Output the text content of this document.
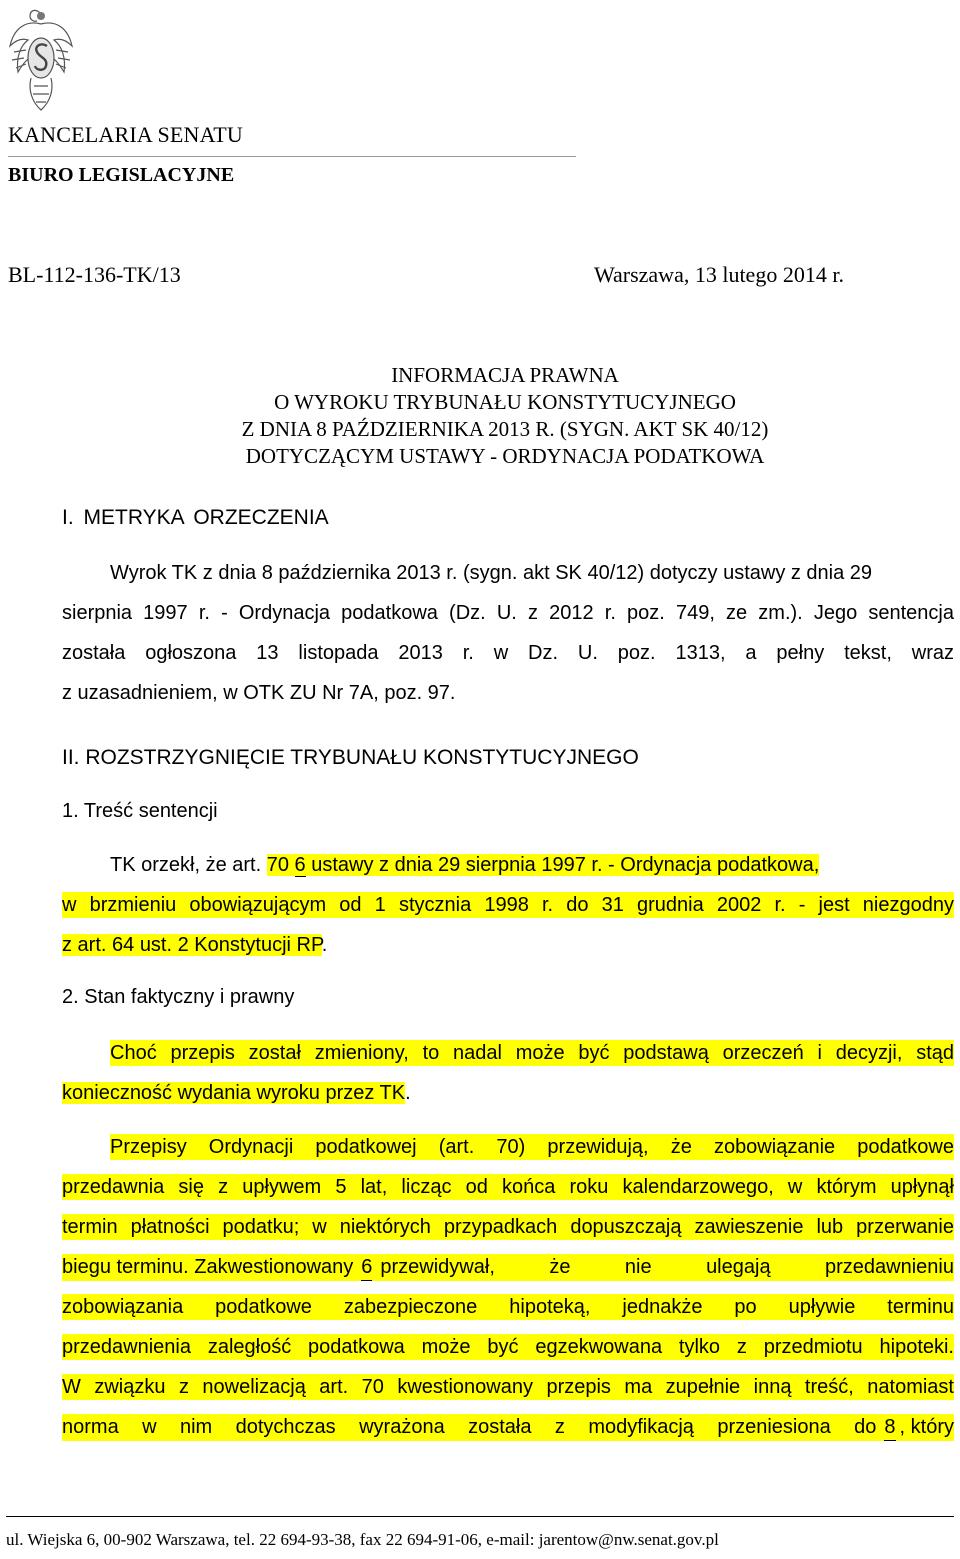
KANCELARIA SENATU
BIURO LEGISLACYJNE
BL-112-136-TK/13	Warszawa, 13 lutego 2014 r.
INFORMACJA PRAWNA
O WYROKU TRYBUNAŁU KONSTYTUCYJNEGO
Z DNIA 8 PAŹDZIERNIKA 2013 R. (SYGN. AKT SK 40/12)
DOTYCZĄCYM USTAWY - ORDYNACJA PODATKOWA
I. METRYKA ORZECZENIA
Wyrok TK z dnia 8 października 2013 r. (sygn. akt SK 40/12) dotyczy ustawy z dnia 29
sierpnia 1997 r. - Ordynacja podatkowa (Dz. U. z 2012 r. poz. 749, ze zm.). Jego sentencja
została ogłoszona 13 listopada 2013 r. w Dz. U. poz. 1313, a pełny tekst, wraz
z uzasadnieniem, w OTK ZU Nr 7A, poz. 97.
II. ROZSTRZYGNIĘCIE TRYBUNAŁU KONSTYTUCYJNEGO
1. Treść sentencji
TK orzekł, że art. 70 6 ustawy z dnia 29 sierpnia 1997 r. - Ordynacja podatkowa,
w brzmieniu obowiązującym od 1 stycznia 1998 r. do 31 grudnia 2002 r. - jest niezgodny
z art. 64 ust. 2 Konstytucji RP.
2. Stan faktyczny i prawny
Choć przepis został zmieniony, to nadal może być podstawą orzeczeń i decyzji, stąd
konieczność wydania wyroku przez TK.
Przepisy Ordynacji podatkowej (art. 70) przewidują, że zobowiązanie podatkowe
przedawnia się z upływem 5 lat, licząc od końca roku kalendarzowego, w którym upłynął
termin płatności podatku; w niektórych przypadkach dopuszczają zawieszenie lub przerwanie
biegu terminu. Zakwestionowany 6 przewidywał, że nie ulegają przedawnieniu
zobowiązania podatkowe zabezpieczone hipoteką, jednakże po upływie terminu
przedawnienia zaległość podatkowa może być egzekwowana tylko z przedmiotu hipoteki.
W związku z nowelizacją art. 70 kwestionowany przepis ma zupełnie inną treść, natomiast
norma w nim dotychczas wyrażona została z modyfikacją przeniesiona do 8 , który
ul. Wiejska 6, 00-902 Warszawa, tel. 22 694-93-38, fax 22 694-91-06, e-mail: jarentow@nw.senat.gov.pl
